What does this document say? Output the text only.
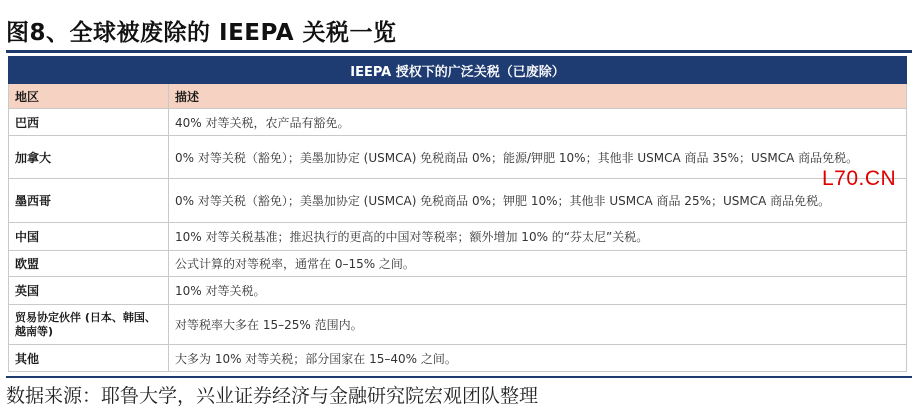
图8、全球被废除的 IEEPA 关税一览
IEEPA 授权下的广泛关税（已废除）	
地区	描述
巴西	40% 对等关税，农产品有豁免。
加拿大	0% 对等关税（豁免）；美墨加协定 (USMCA) 免税商品 0%；能源/钾肥 10%；其他非 USMCA 商品 35%；USMCA 商品免税。
墨西哥	0% 对等关税（豁免）；美墨加协定 (USMCA) 免税商品 0%；钾肥 10%；其他非 USMCA 商品 25%；USMCA 商品免税。
中国	10% 对等关税基准；推迟执行的更高的中国对等税率；额外增加 10% 的“芬太尼”关税。
欧盟	公式计算的对等税率，通常在 0–15% 之间。
英国	10% 对等关税。
贸易协定伙伴 (日本、韩国、越南等)	对等税率大多在 15–25% 范围内。
其他	大多为 10% 对等关税；部分国家在 15–40% 之间。
L70.CN
数据来源：耶鲁大学，兴业证券经济与金融研究院宏观团队整理
